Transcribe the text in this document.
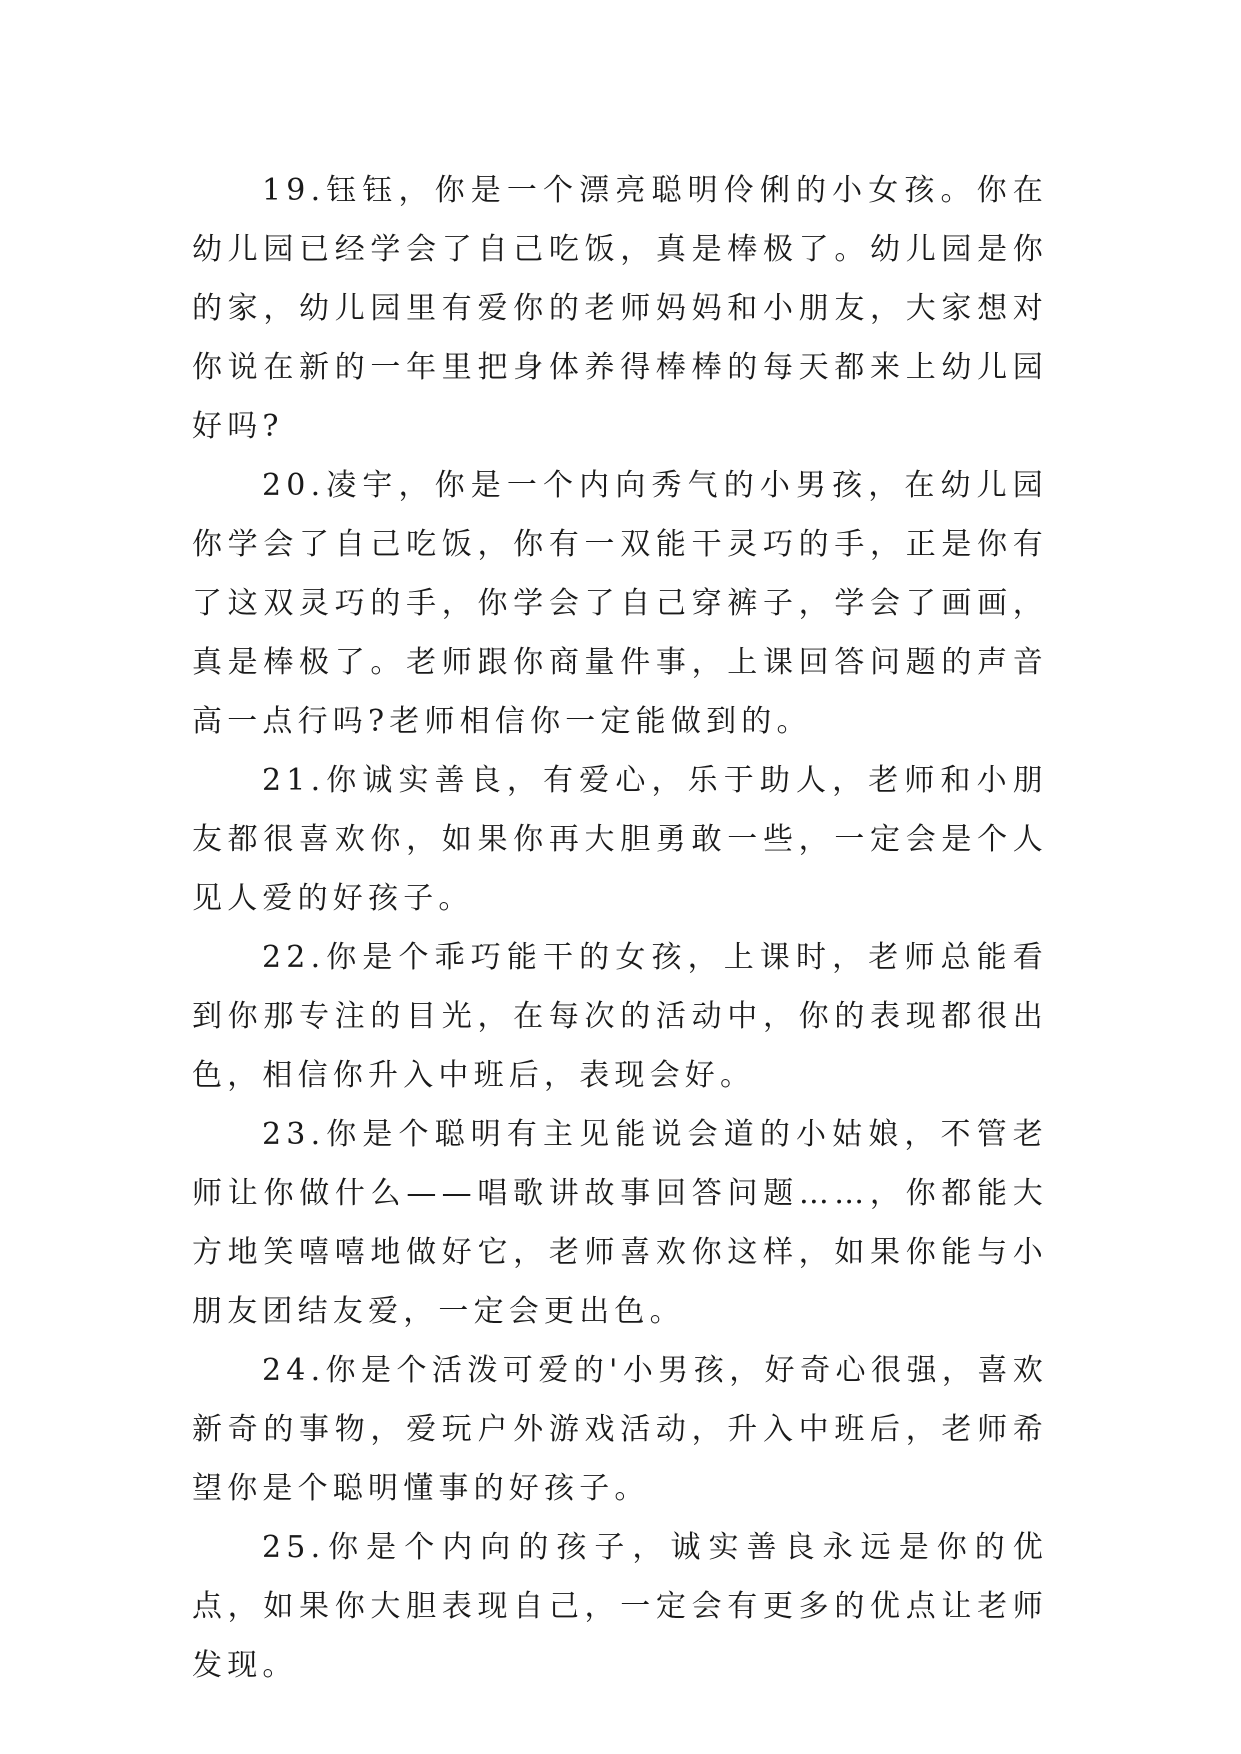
19.钰钰，你是一个漂亮聪明伶俐的小女孩。你在幼儿园已经学会了自己吃饭，真是棒极了。幼儿园是你的家，幼儿园里有爱你的老师妈妈和小朋友，大家想对你说在新的一年里把身体养得棒棒的每天都来上幼儿园好吗?

20.凌宇，你是一个内向秀气的小男孩，在幼儿园你学会了自己吃饭，你有一双能干灵巧的手，正是你有了这双灵巧的手，你学会了自己穿裤子，学会了画画，真是棒极了。老师跟你商量件事，上课回答问题的声音高一点行吗?老师相信你一定能做到的。

21.你诚实善良，有爱心，乐于助人，老师和小朋友都很喜欢你，如果你再大胆勇敢一些，一定会是个人见人爱的好孩子。

22.你是个乖巧能干的女孩，上课时，老师总能看到你那专注的目光，在每次的活动中，你的表现都很出色，相信你升入中班后，表现会好。

23.你是个聪明有主见能说会道的小姑娘，不管老师让你做什么——唱歌讲故事回答问题……，你都能大方地笑嘻嘻地做好它，老师喜欢你这样，如果你能与小朋友团结友爱，一定会更出色。

24.你是个活泼可爱的'小男孩，好奇心很强，喜欢新奇的事物，爱玩户外游戏活动，升入中班后，老师希望你是个聪明懂事的好孩子。

25.你是个内向的孩子，诚实善良永远是你的优点，如果你大胆表现自己，一定会有更多的优点让老师发现。
